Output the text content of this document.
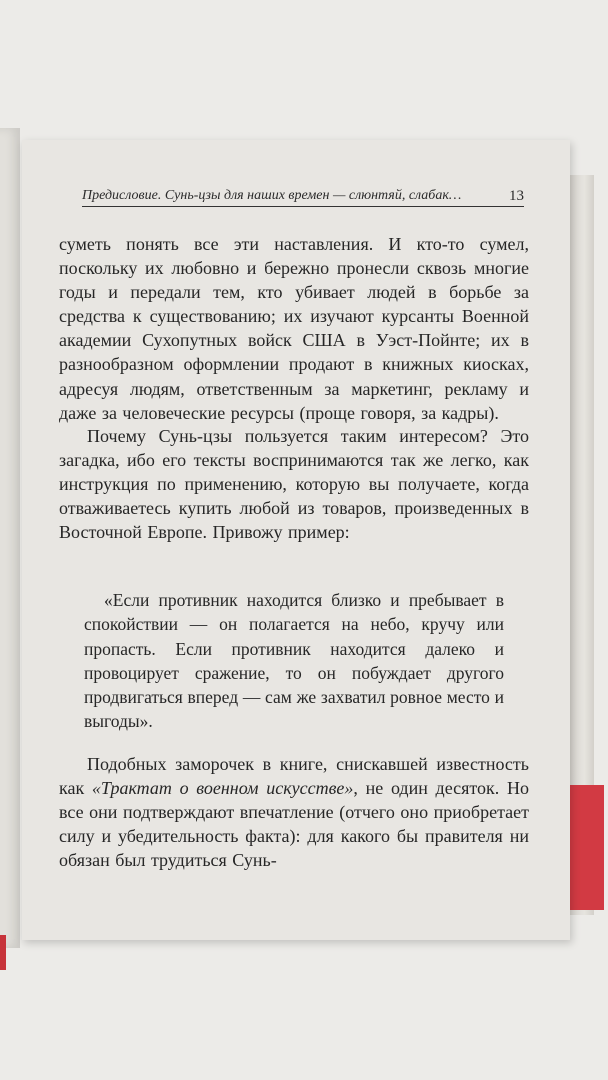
Предисловие. Сунь-цзы для наших времен — слюнтяй, слабак…	13
суметь понять все эти наставления. И кто-то сумел, поскольку их любовно и бережно пронесли сквозь многие годы и передали тем, кто убивает людей в борьбе за средства к существованию; их изучают курсанты Военной академии Сухопутных войск США в Уэст-Пойнте; их в разнообразном оформлении продают в книжных киосках, адресуя людям, ответственным за маркетинг, рекламу и даже за человеческие ресурсы (проще говоря, за кадры).
Почему Сунь-цзы пользуется таким интересом? Это загадка, ибо его тексты воспринимаются так же легко, как инструкция по применению, которую вы получаете, когда отваживаетесь купить любой из товаров, произведенных в Восточной Европе. Привожу пример:
«Если противник находится близко и пребывает в спокойствии — он полагается на небо, кручу или пропасть. Если противник находится далеко и провоцирует сражение, то он побуждает другого продвигаться вперед — сам же захватил ровное место и выгоды».
Подобных заморочек в книге, снискавшей известность как «Трактат о военном искусстве», не один десяток. Но все они подтверждают впечатление (отчего оно приобретает силу и убедительность факта): для какого бы правителя ни обязан был трудиться Сунь-
